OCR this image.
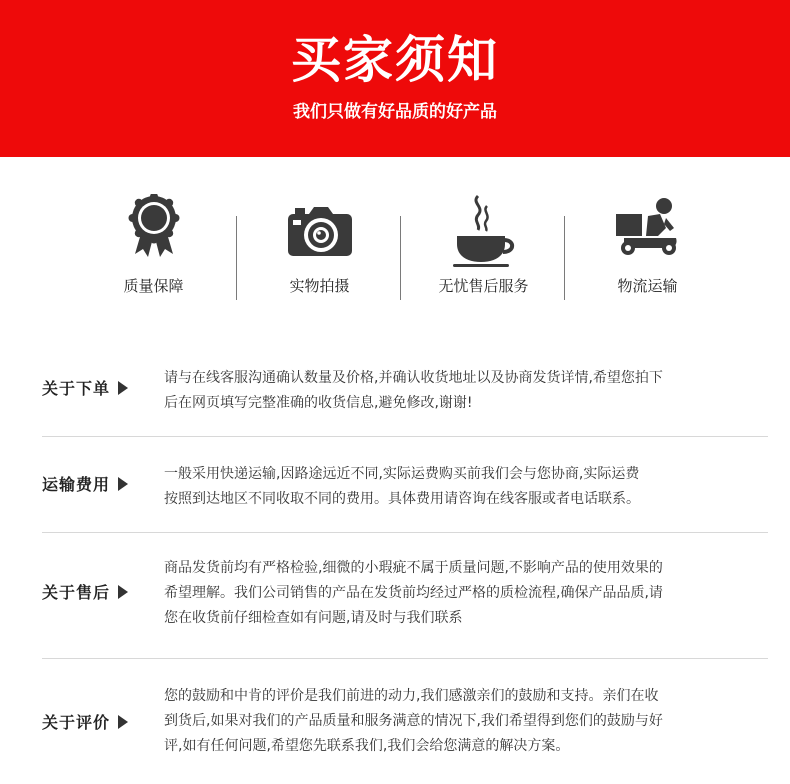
买家须知
我们只做有好品质的好产品
质量保障	实物拍摄	无忧售后服务	物流运输
关于下单
请与在线客服沟通确认数量及价格,并确认收货地址以及协商发货详情,希望您拍下
后在网页填写完整准确的收货信息,避免修改,谢谢!
运输费用
一般采用快递运输,因路途远近不同,实际运费购买前我们会与您协商,实际运费
按照到达地区不同收取不同的费用。具体费用请咨询在线客服或者电话联系。
关于售后
商品发货前均有严格检验,细微的小瑕疵不属于质量问题,不影响产品的使用效果的
希望理解。我们公司销售的产品在发货前均经过严格的质检流程,确保产品品质,请
您在收货前仔细检查如有问题,请及时与我们联系
关于评价
您的鼓励和中肯的评价是我们前进的动力,我们感激亲们的鼓励和支持。亲们在收
到货后,如果对我们的产品质量和服务满意的情况下,我们希望得到您们的鼓励与好
评,如有任何问题,希望您先联系我们,我们会给您满意的解决方案。
